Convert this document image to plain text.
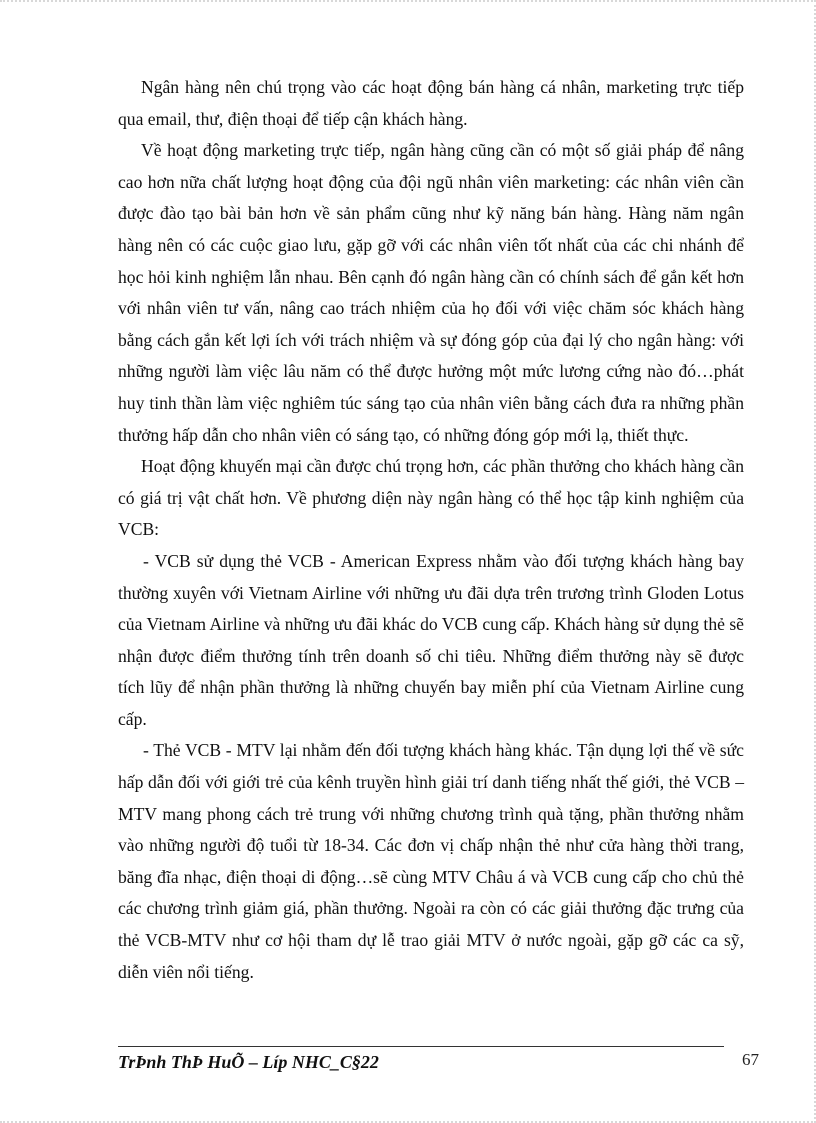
Ngân hàng nên chú trọng vào các hoạt động bán hàng cá nhân, marketing trực tiếp qua email, thư, điện thoại để tiếp cận khách hàng.

Về hoạt động marketing trực tiếp, ngân hàng cũng cần có một số giải pháp để nâng cao hơn nữa chất lượng hoạt động của đội ngũ nhân viên marketing: các nhân viên cần được đào tạo bài bản hơn về sản phẩm cũng như kỹ năng bán hàng. Hàng năm ngân hàng nên có các cuộc giao lưu, gặp gỡ với các nhân viên tốt nhất của các chi nhánh để học hỏi kinh nghiệm lẫn nhau. Bên cạnh đó ngân hàng cần có chính sách để gắn kết hơn với nhân viên tư vấn, nâng cao trách nhiệm của họ đối với việc chăm sóc khách hàng bằng cách gắn kết lợi ích với trách nhiệm và sự đóng góp của đại lý cho ngân hàng: với những người làm việc lâu năm có thể được hưởng một mức lương cứng nào đó…phát huy tinh thần làm việc nghiêm túc sáng tạo của nhân viên bằng cách đưa ra những phần thưởng hấp dẫn cho nhân viên có sáng tạo, có những đóng góp mới lạ, thiết thực.

Hoạt động khuyến mại cần được chú trọng hơn, các phần thưởng cho khách hàng cần có giá trị vật chất hơn. Về phương diện này ngân hàng có thể học tập kinh nghiệm của VCB:

- VCB sử dụng thẻ VCB - American Express nhằm vào đối tượng khách hàng bay thường xuyên với Vietnam Airline với những ưu đãi dựa trên trương trình Gloden Lotus của Vietnam Airline và những ưu đãi khác do VCB cung cấp. Khách hàng sử dụng thẻ sẽ nhận được điểm thưởng tính trên doanh số chi tiêu. Những điểm thưởng này sẽ được tích lũy để nhận phần thưởng là những chuyến bay miễn phí của Vietnam Airline cung cấp.

- Thẻ VCB - MTV lại nhằm đến đối tượng khách hàng khác. Tận dụng lợi thế về sức hấp dẫn đối với giới trẻ của kênh truyền hình giải trí danh tiếng nhất thế giới, thẻ VCB – MTV mang phong cách trẻ trung với những chương trình quà tặng, phần thưởng nhằm vào những người độ tuổi từ 18-34. Các đơn vị chấp nhận thẻ như cửa hàng thời trang, băng đĩa nhạc, điện thoại di động…sẽ cùng MTV Châu á và VCB cung cấp cho chủ thẻ các chương trình giảm giá, phần thưởng. Ngoài ra còn có các giải thưởng đặc trưng của thẻ VCB-MTV như cơ hội tham dự lễ trao giải MTV ở nước ngoài, gặp gỡ các ca sỹ, diễn viên nổi tiếng.

TrÞnh ThÞ HuÕ – Líp NHC_C§22	67
